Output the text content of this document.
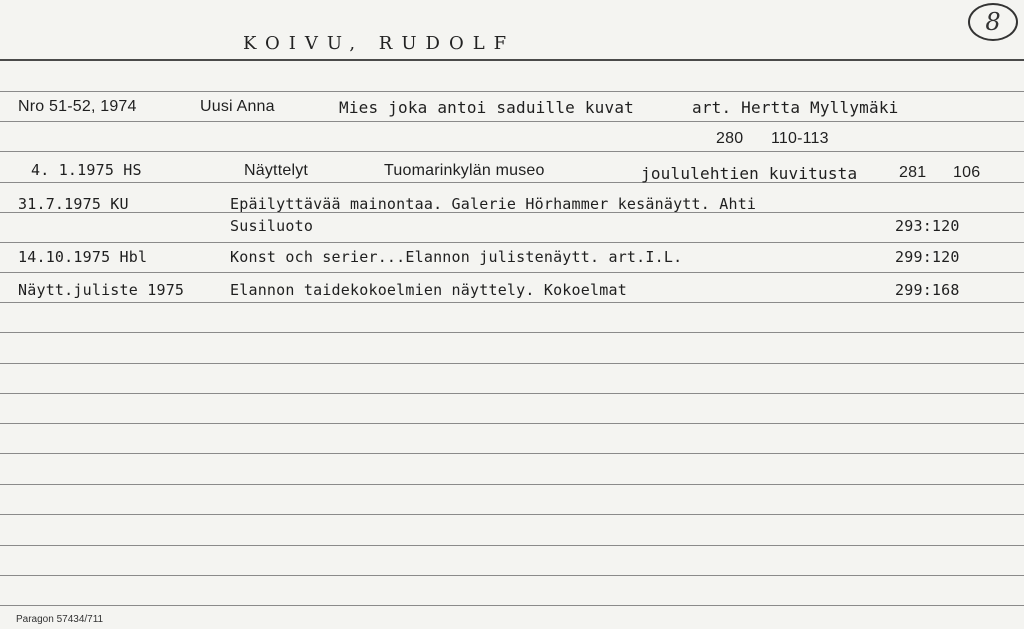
KOIVU, RUDOLF
8
Nro 51-52, 1974	Uusi Anna	Mies joka antoi saduille kuvat	art. Hertta Myllymäki
280 110-113
4. 1.1975 HS	Näyttelyt	Tuomarinkylän museo	joululehtien kuvitusta	281 106
31.7.1975 KU	Epäilyttävää mainontaa. Galerie Hörhammer kesänäytt. Ahti
Susiluoto	293:120
14.10.1975 Hbl	Konst och serier...Elannon julistenäytt. art.I.L.	299:120
Näytt.juliste 1975	Elannon taidekokoelmien näyttely. Kokoelmat	299:168
Paragon 57434/711
